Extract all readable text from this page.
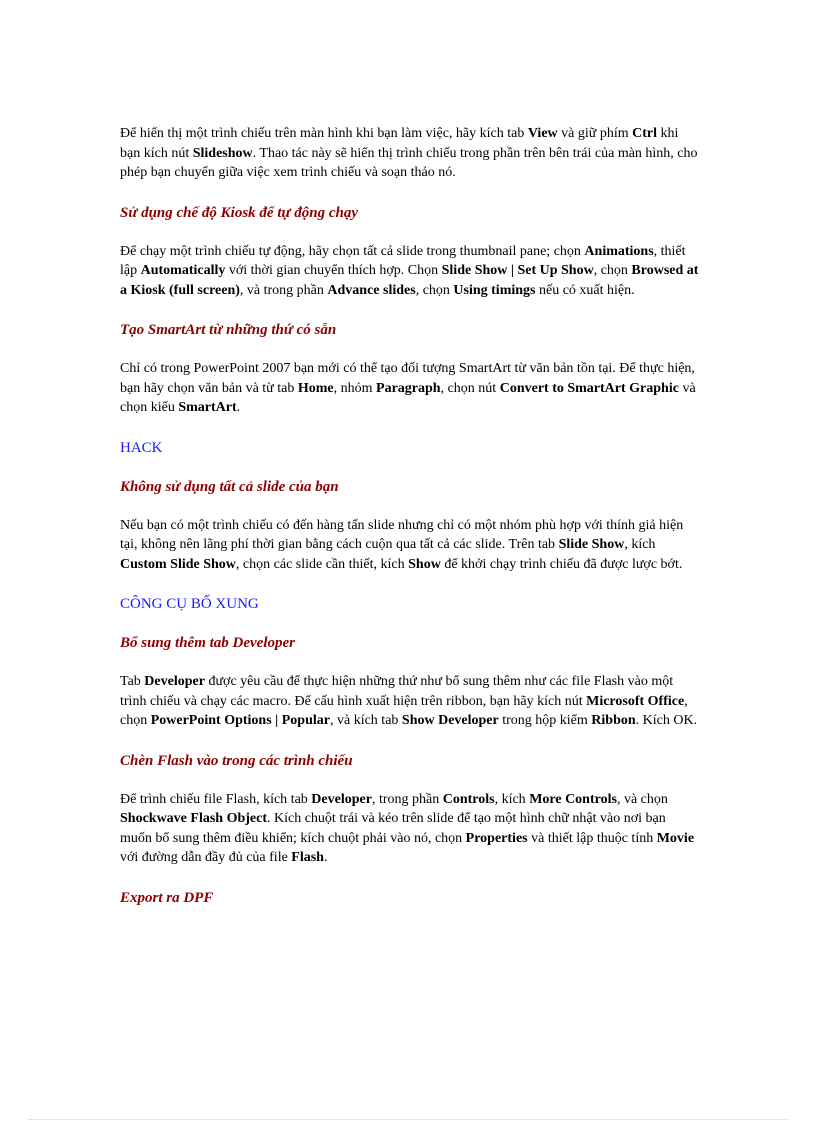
Để hiển thị một trình chiếu trên màn hình khi bạn làm việc, hãy kích tab View và giữ phím Ctrl khi bạn kích nút Slideshow. Thao tác này sẽ hiển thị trình chiếu trong phần trên bên trái của màn hình, cho phép bạn chuyển giữa việc xem trình chiếu và soạn thảo nó.
Sử dụng chế độ Kiosk để tự động chạy
Để chạy một trình chiếu tự động, hãy chọn tất cả slide trong thumbnail pane; chọn Animations, thiết lập Automatically với thời gian chuyển thích hợp. Chọn Slide Show | Set Up Show, chọn Browsed at a Kiosk (full screen), và trong phần Advance slides, chọn Using timings nếu có xuất hiện.
Tạo SmartArt từ những thứ có sẵn
Chỉ có trong PowerPoint 2007 bạn mới có thể tạo đối tượng SmartArt từ văn bản tồn tại. Để thực hiện, bạn hãy chọn văn bản và từ tab Home, nhóm Paragraph, chọn nút Convert to SmartArt Graphic và chọn kiểu SmartArt.
HACK
Không sử dụng tất cả slide của bạn
Nếu bạn có một trình chiếu có đến hàng tấn slide nhưng chỉ có một nhóm phù hợp với thính giả hiện tại, không nên lãng phí thời gian bằng cách cuộn qua tất cả các slide. Trên tab Slide Show, kích Custom Slide Show, chọn các slide cần thiết, kích Show để khởi chạy trình chiếu đã được lược bớt.
CÔNG CỤ BỔ XUNG
Bổ sung thêm tab Developer
Tab Developer được yêu cầu để thực hiện những thứ như bổ sung thêm như các file Flash vào một trình chiếu và chạy các macro. Để cấu hình xuất hiện trên ribbon, bạn hãy kích nút Microsoft Office, chọn PowerPoint Options | Popular, và kích tab Show Developer trong hộp kiểm Ribbon. Kích OK.
Chèn Flash vào trong các trình chiếu
Để trình chiếu file Flash, kích tab Developer, trong phần Controls, kích More Controls, và chọn Shockwave Flash Object. Kích chuột trái và kéo trên slide để tạo một hình chữ nhật vào nơi bạn muốn bổ sung thêm điều khiển; kích chuột phải vào nó, chọn Properties và thiết lập thuộc tính Movie với đường dẫn đầy đủ của file Flash.
Export ra DPF
